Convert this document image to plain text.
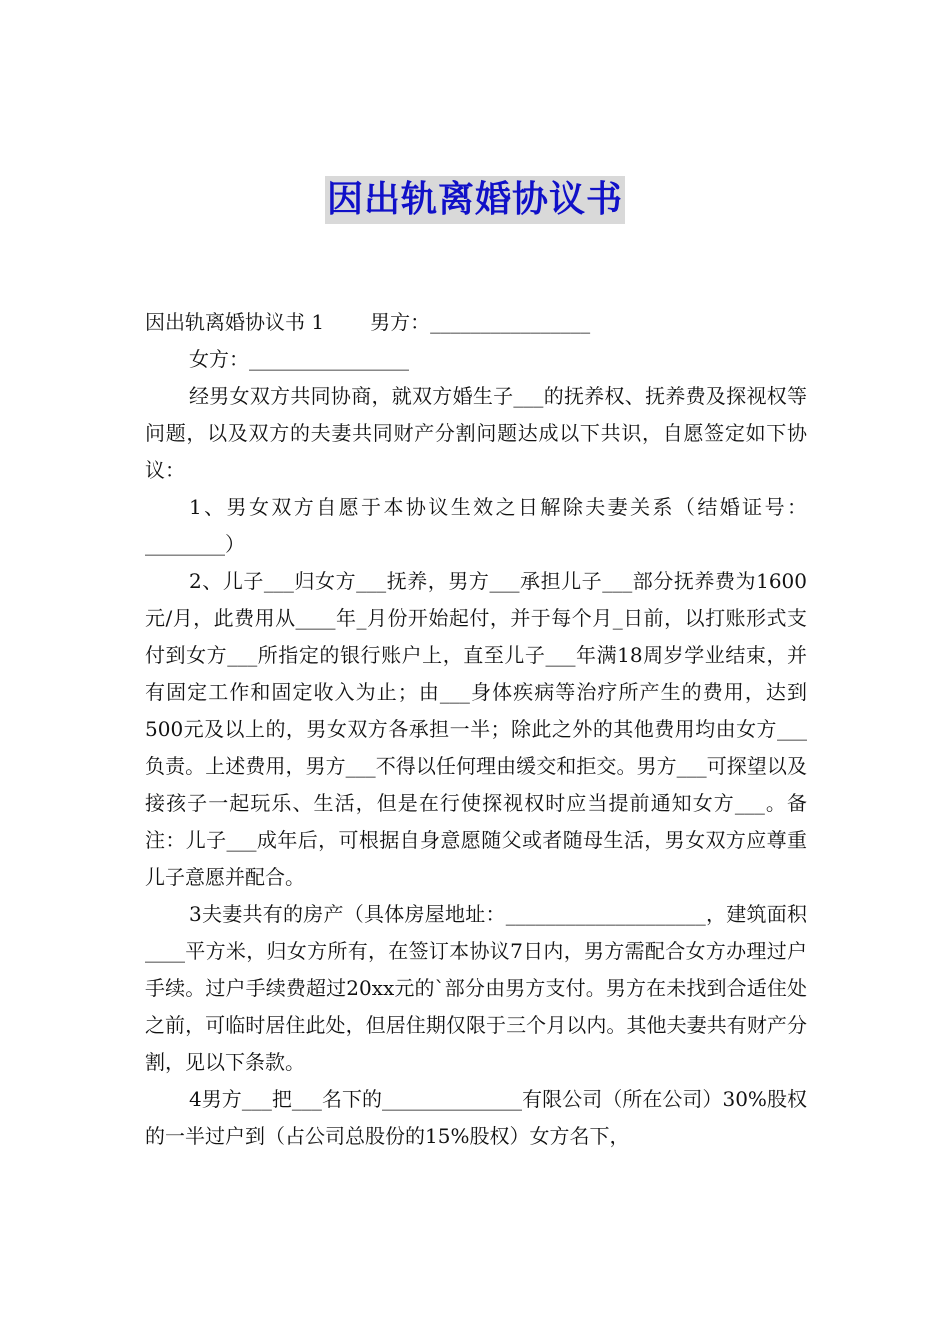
因出轨离婚协议书

因出轨离婚协议书 1 男方：________________

女方：________________

经男女双方共同协商，就双方婚生子___的抚养权、抚养费及探视权等问题，以及双方的夫妻共同财产分割问题达成以下共识，自愿签定如下协议：

1、男女双方自愿于本协议生效之日解除夫妻关系（结婚证号：________）

2、儿子___归女方___抚养，男方___承担儿子___部分抚养费为1600元/月，此费用从____年_月份开始起付，并于每个月_日前，以打账形式支付到女方___所指定的银行账户上，直至儿子___年满18周岁学业结束，并有固定工作和固定收入为止；由___身体疾病等治疗所产生的费用，达到500元及以上的，男女双方各承担一半；除此之外的其他费用均由女方___负责。上述费用，男方___不得以任何理由缓交和拒交。男方___可探望以及接孩子一起玩乐、生活，但是在行使探视权时应当提前通知女方___。备注：儿子___成年后，可根据自身意愿随父或者随母生活，男女双方应尊重儿子意愿并配合。

3夫妻共有的房产（具体房屋地址：____________________，建筑面积____平方米，归女方所有，在签订本协议7日内，男方需配合女方办理过户手续。过户手续费超过20xx元的`部分由男方支付。男方在未找到合适住处之前，可临时居住此处，但居住期仅限于三个月以内。其他夫妻共有财产分割，见以下条款。

4男方___把___名下的______________有限公司（所在公司）30%股权的一半过户到（占公司总股份的15%股权）女方名下，
